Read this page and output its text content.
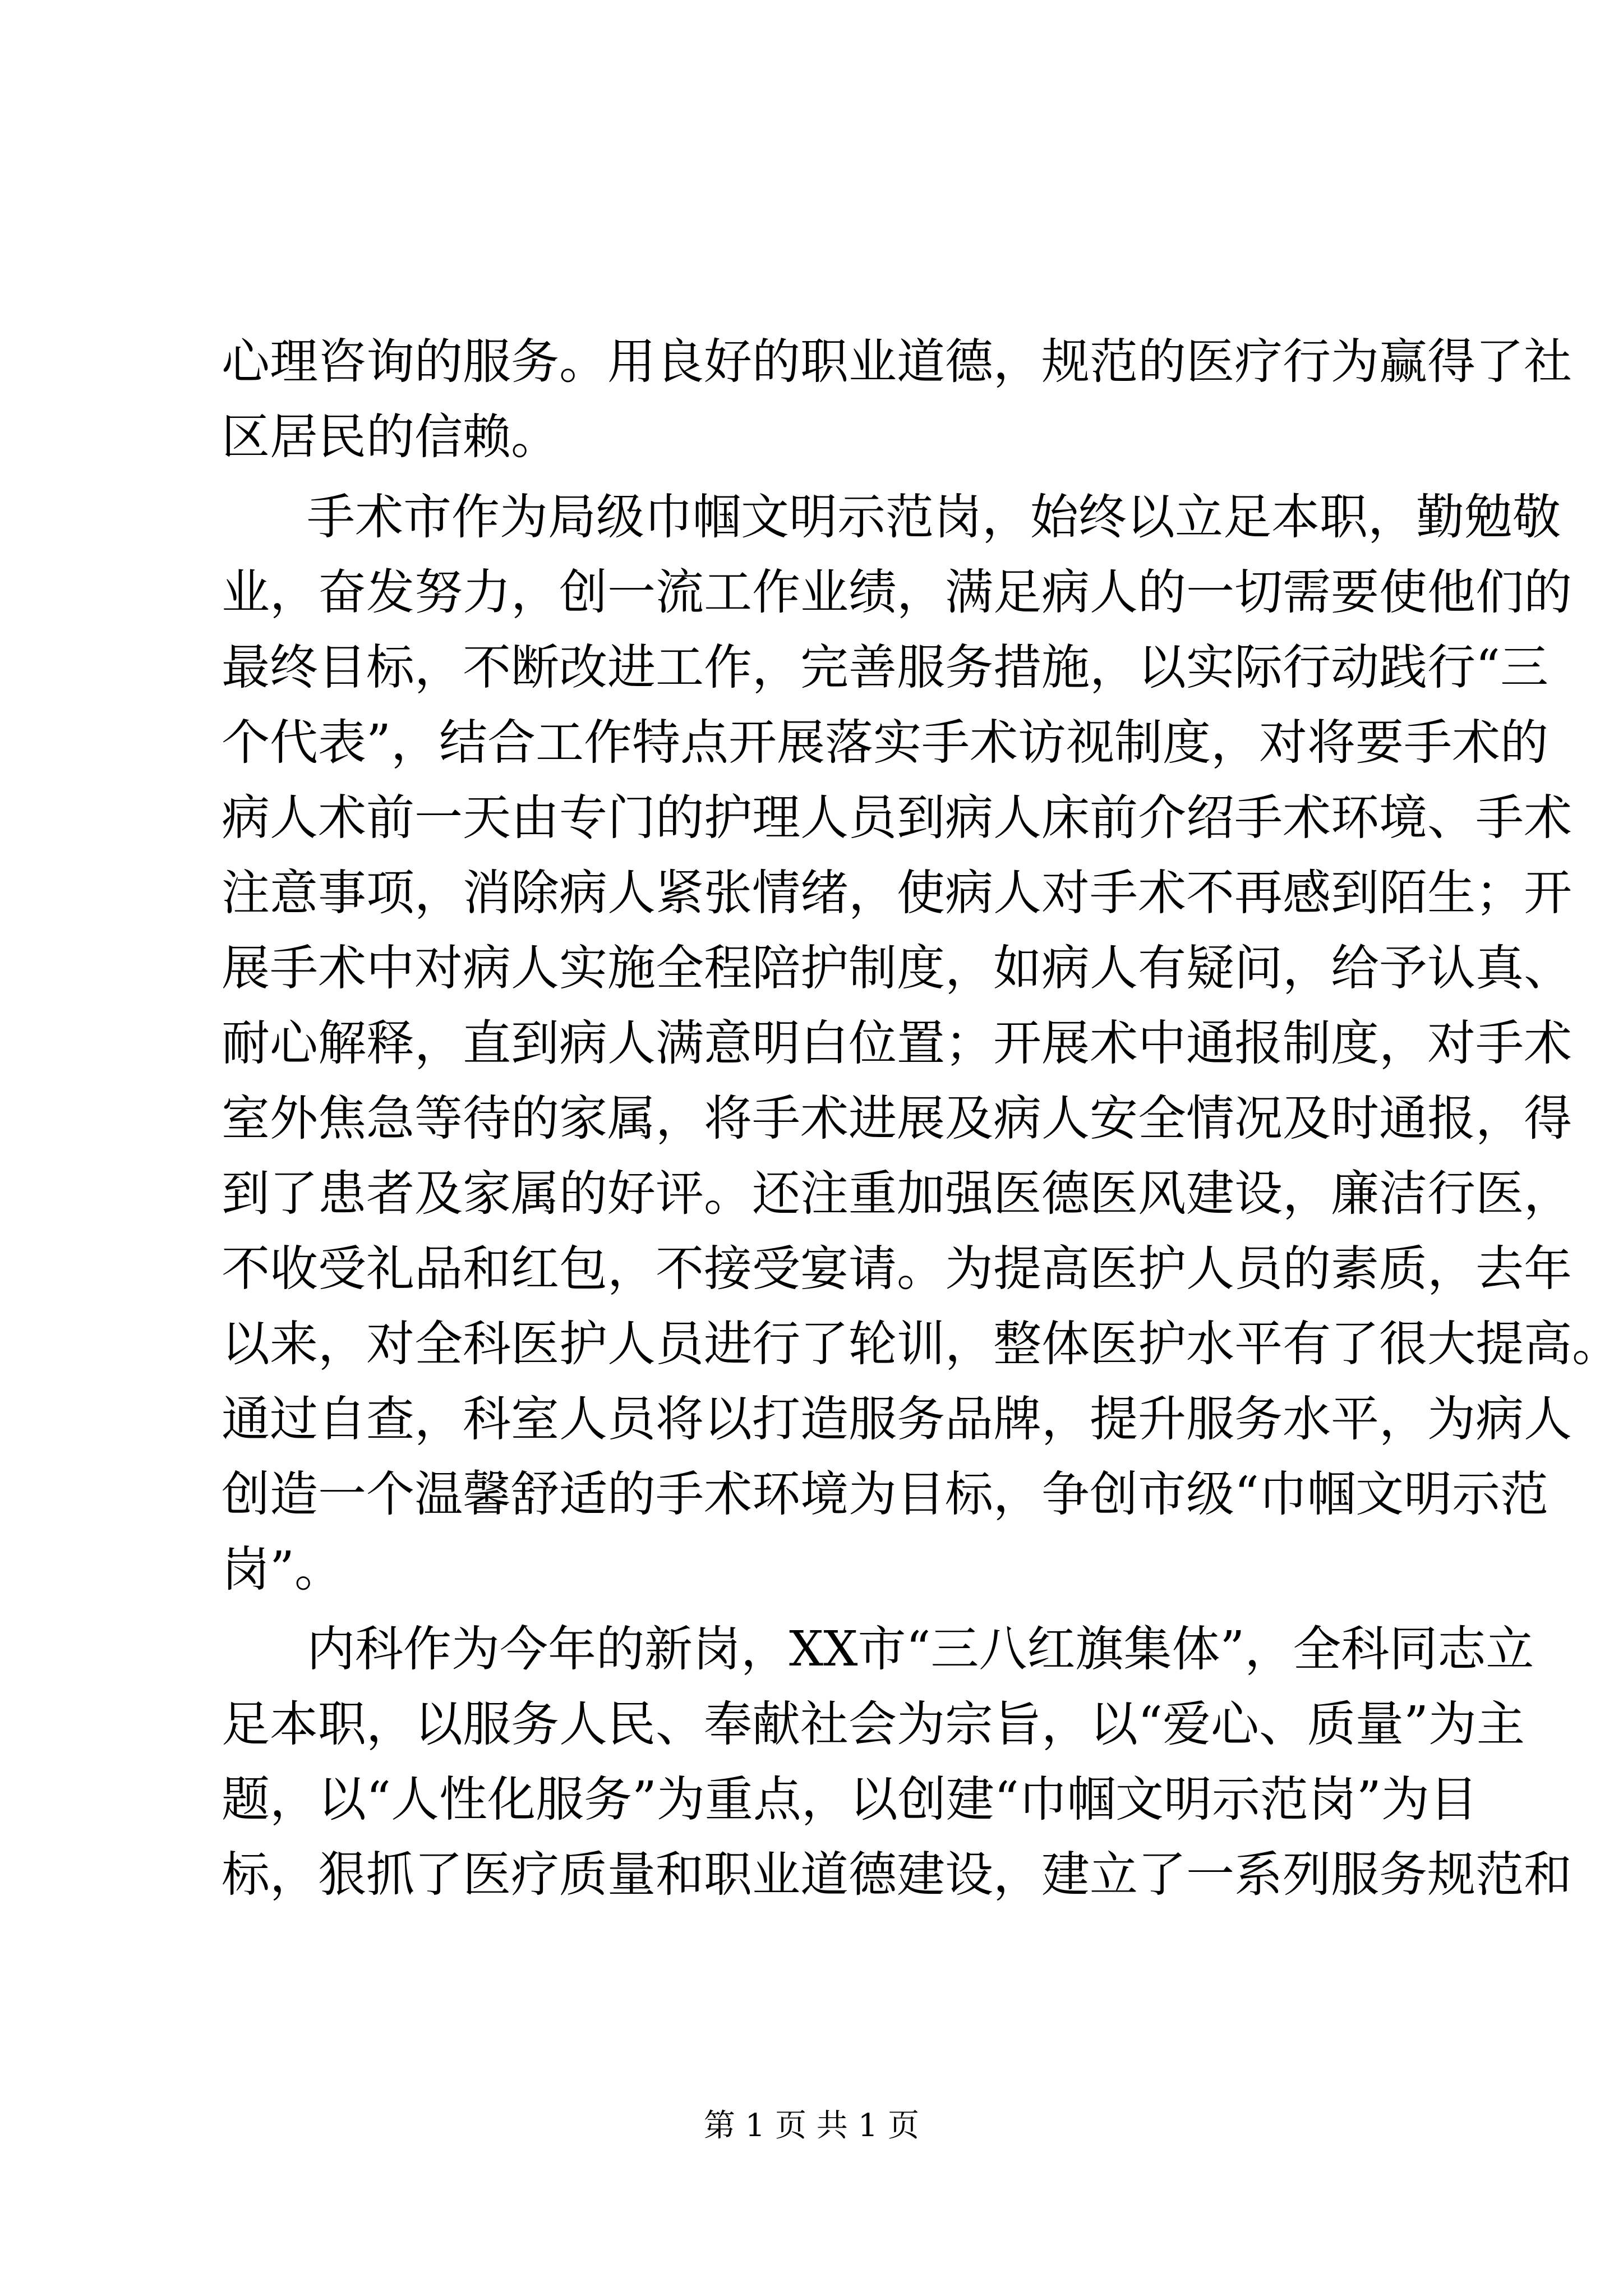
心理咨询的服务。用良好的职业道德，规范的医疗行为赢得了社
区居民的信赖。
手术市作为局级巾帼文明示范岗，始终以立足本职，勤勉敬
业，奋发努力，创一流工作业绩，满足病人的一切需要使他们的
最终目标，不断改进工作，完善服务措施，以实际行动践行“三
个代表”，结合工作特点开展落实手术访视制度，对将要手术的
病人术前一天由专门的护理人员到病人床前介绍手术环境、手术
注意事项，消除病人紧张情绪，使病人对手术不再感到陌生；开
展手术中对病人实施全程陪护制度，如病人有疑问，给予认真、
耐心解释，直到病人满意明白位置；开展术中通报制度，对手术
室外焦急等待的家属，将手术进展及病人安全情况及时通报，得
到了患者及家属的好评。还注重加强医德医风建设，廉洁行医，
不收受礼品和红包，不接受宴请。为提高医护人员的素质，去年
以来，对全科医护人员进行了轮训，整体医护水平有了很大提高。
通过自查，科室人员将以打造服务品牌，提升服务水平，为病人
创造一个温馨舒适的手术环境为目标，争创市级“巾帼文明示范
岗”。
内科作为今年的新岗，XX市“三八红旗集体”，全科同志立
足本职，以服务人民、奉献社会为宗旨，以“爱心、质量”为主
题，以“人性化服务”为重点，以创建“巾帼文明示范岗”为目
标，狠抓了医疗质量和职业道德建设，建立了一系列服务规范和
第 1 页 共 1 页
